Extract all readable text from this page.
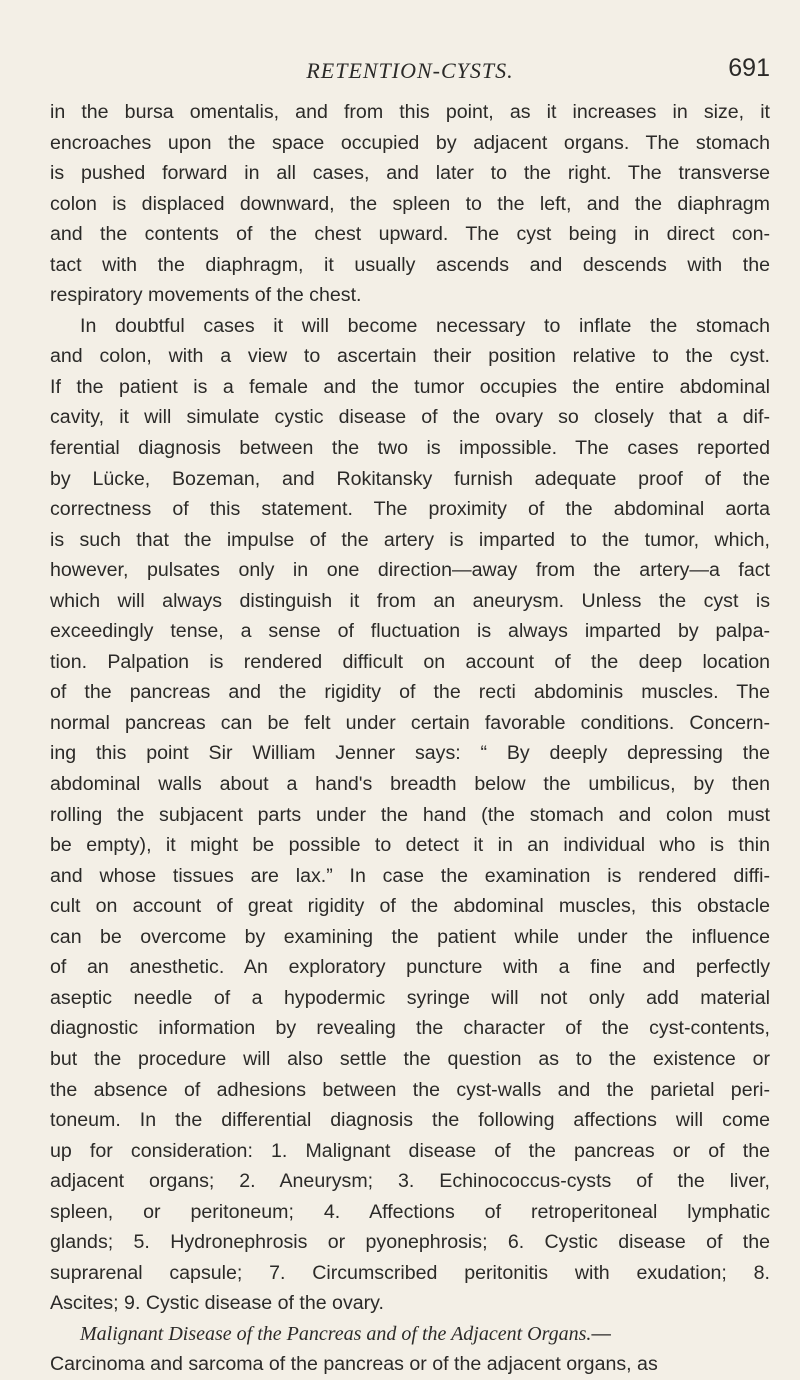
RETENTION-CYSTS.	691
in the bursa omentalis, and from this point, as it increases in size, it
encroaches upon the space occupied by adjacent organs. The stomach
is pushed forward in all cases, and later to the right. The transverse
colon is displaced downward, the spleen to the left, and the diaphragm
and the contents of the chest upward. The cyst being in direct con-
tact with the diaphragm, it usually ascends and descends with the
respiratory movements of the chest.
In doubtful cases it will become necessary to inflate the stomach
and colon, with a view to ascertain their position relative to the cyst.
If the patient is a female and the tumor occupies the entire abdominal
cavity, it will simulate cystic disease of the ovary so closely that a dif-
ferential diagnosis between the two is impossible. The cases reported
by Lücke, Bozeman, and Rokitansky furnish adequate proof of the
correctness of this statement. The proximity of the abdominal aorta
is such that the impulse of the artery is imparted to the tumor, which,
however, pulsates only in one direction—away from the artery—a fact
which will always distinguish it from an aneurysm. Unless the cyst is
exceedingly tense, a sense of fluctuation is always imparted by palpa-
tion. Palpation is rendered difficult on account of the deep location
of the pancreas and the rigidity of the recti abdominis muscles. The
normal pancreas can be felt under certain favorable conditions. Concern-
ing this point Sir William Jenner says: “ By deeply depressing the
abdominal walls about a hand's breadth below the umbilicus, by then
rolling the subjacent parts under the hand (the stomach and colon must
be empty), it might be possible to detect it in an individual who is thin
and whose tissues are lax.” In case the examination is rendered diffi-
cult on account of great rigidity of the abdominal muscles, this obstacle
can be overcome by examining the patient while under the influence
of an anesthetic. An exploratory puncture with a fine and perfectly
aseptic needle of a hypodermic syringe will not only add material
diagnostic information by revealing the character of the cyst-contents,
but the procedure will also settle the question as to the existence or
the absence of adhesions between the cyst-walls and the parietal peri-
toneum. In the differential diagnosis the following affections will come
up for consideration: 1. Malignant disease of the pancreas or of the
adjacent organs; 2. Aneurysm; 3. Echinococcus-cysts of the liver,
spleen, or peritoneum; 4. Affections of retroperitoneal lymphatic
glands; 5. Hydronephrosis or pyonephrosis; 6. Cystic disease of the
suprarenal capsule; 7. Circumscribed peritonitis with exudation; 8.
Ascites; 9. Cystic disease of the ovary.
Malignant Disease of the Pancreas and of the Adjacent Organs.—
Carcinoma and sarcoma of the pancreas or of the adjacent organs, as
